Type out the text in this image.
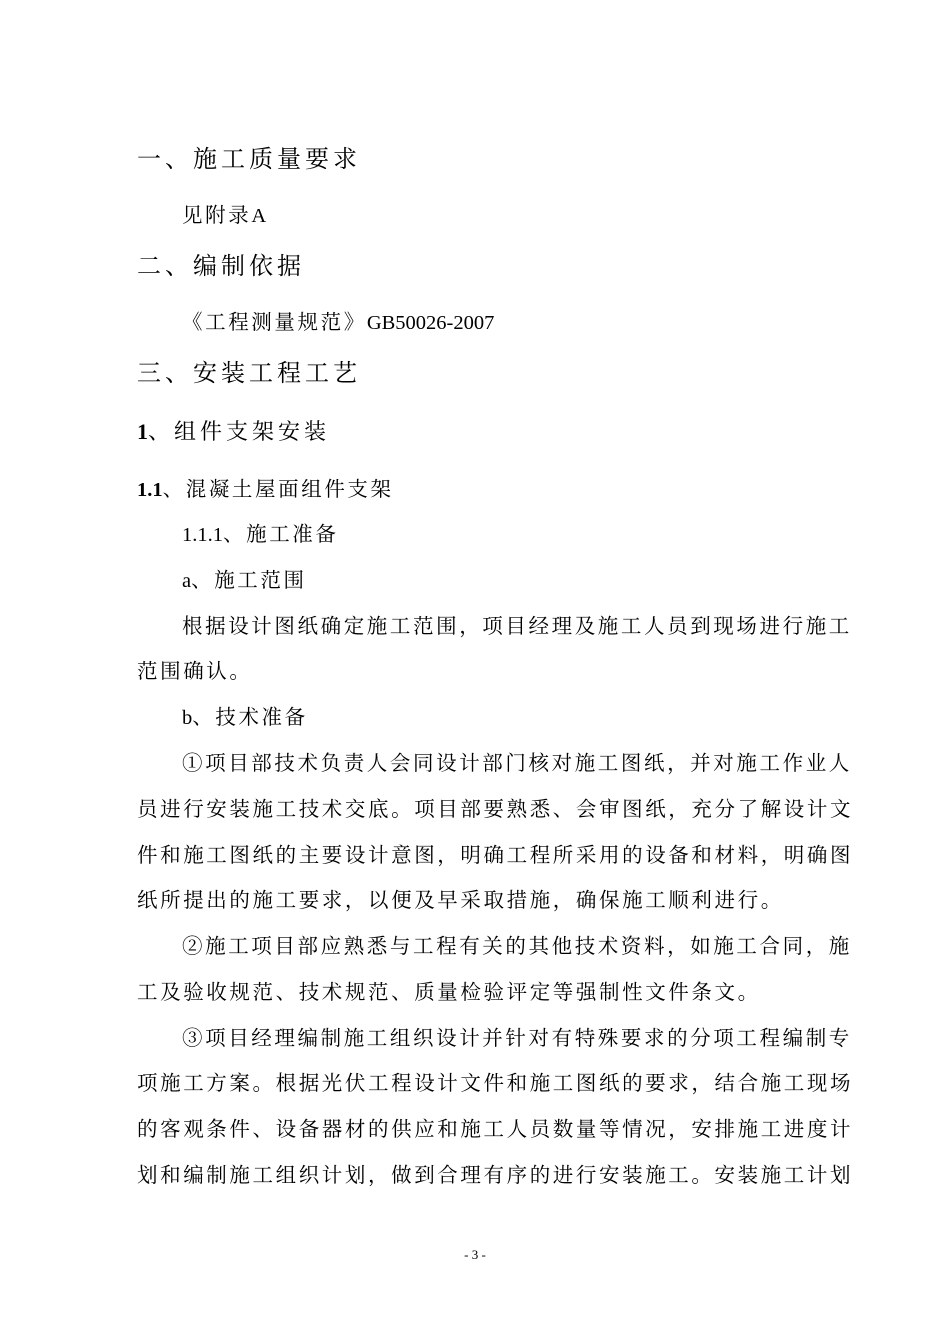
一、施工质量要求
见附录A
二、编制依据
《工程测量规范》GB50026-2007
三、安装工程工艺
1、组件支架安装
1.1、混凝土屋面组件支架
1.1.1、施工准备
a、施工范围
根据设计图纸确定施工范围，项目经理及施工人员到现场进行施工
范围确认。
b、技术准备
①项目部技术负责人会同设计部门核对施工图纸，并对施工作业人
员进行安装施工技术交底。项目部要熟悉、会审图纸，充分了解设计文
件和施工图纸的主要设计意图，明确工程所采用的设备和材料，明确图
纸所提出的施工要求，以便及早采取措施，确保施工顺利进行。
②施工项目部应熟悉与工程有关的其他技术资料，如施工合同，施
工及验收规范、技术规范、质量检验评定等强制性文件条文。
③项目经理编制施工组织设计并针对有特殊要求的分项工程编制专
项施工方案。根据光伏工程设计文件和施工图纸的要求，结合施工现场
的客观条件、设备器材的供应和施工人员数量等情况，安排施工进度计
划和编制施工组织计划，做到合理有序的进行安装施工。安装施工计划
- 3 -
